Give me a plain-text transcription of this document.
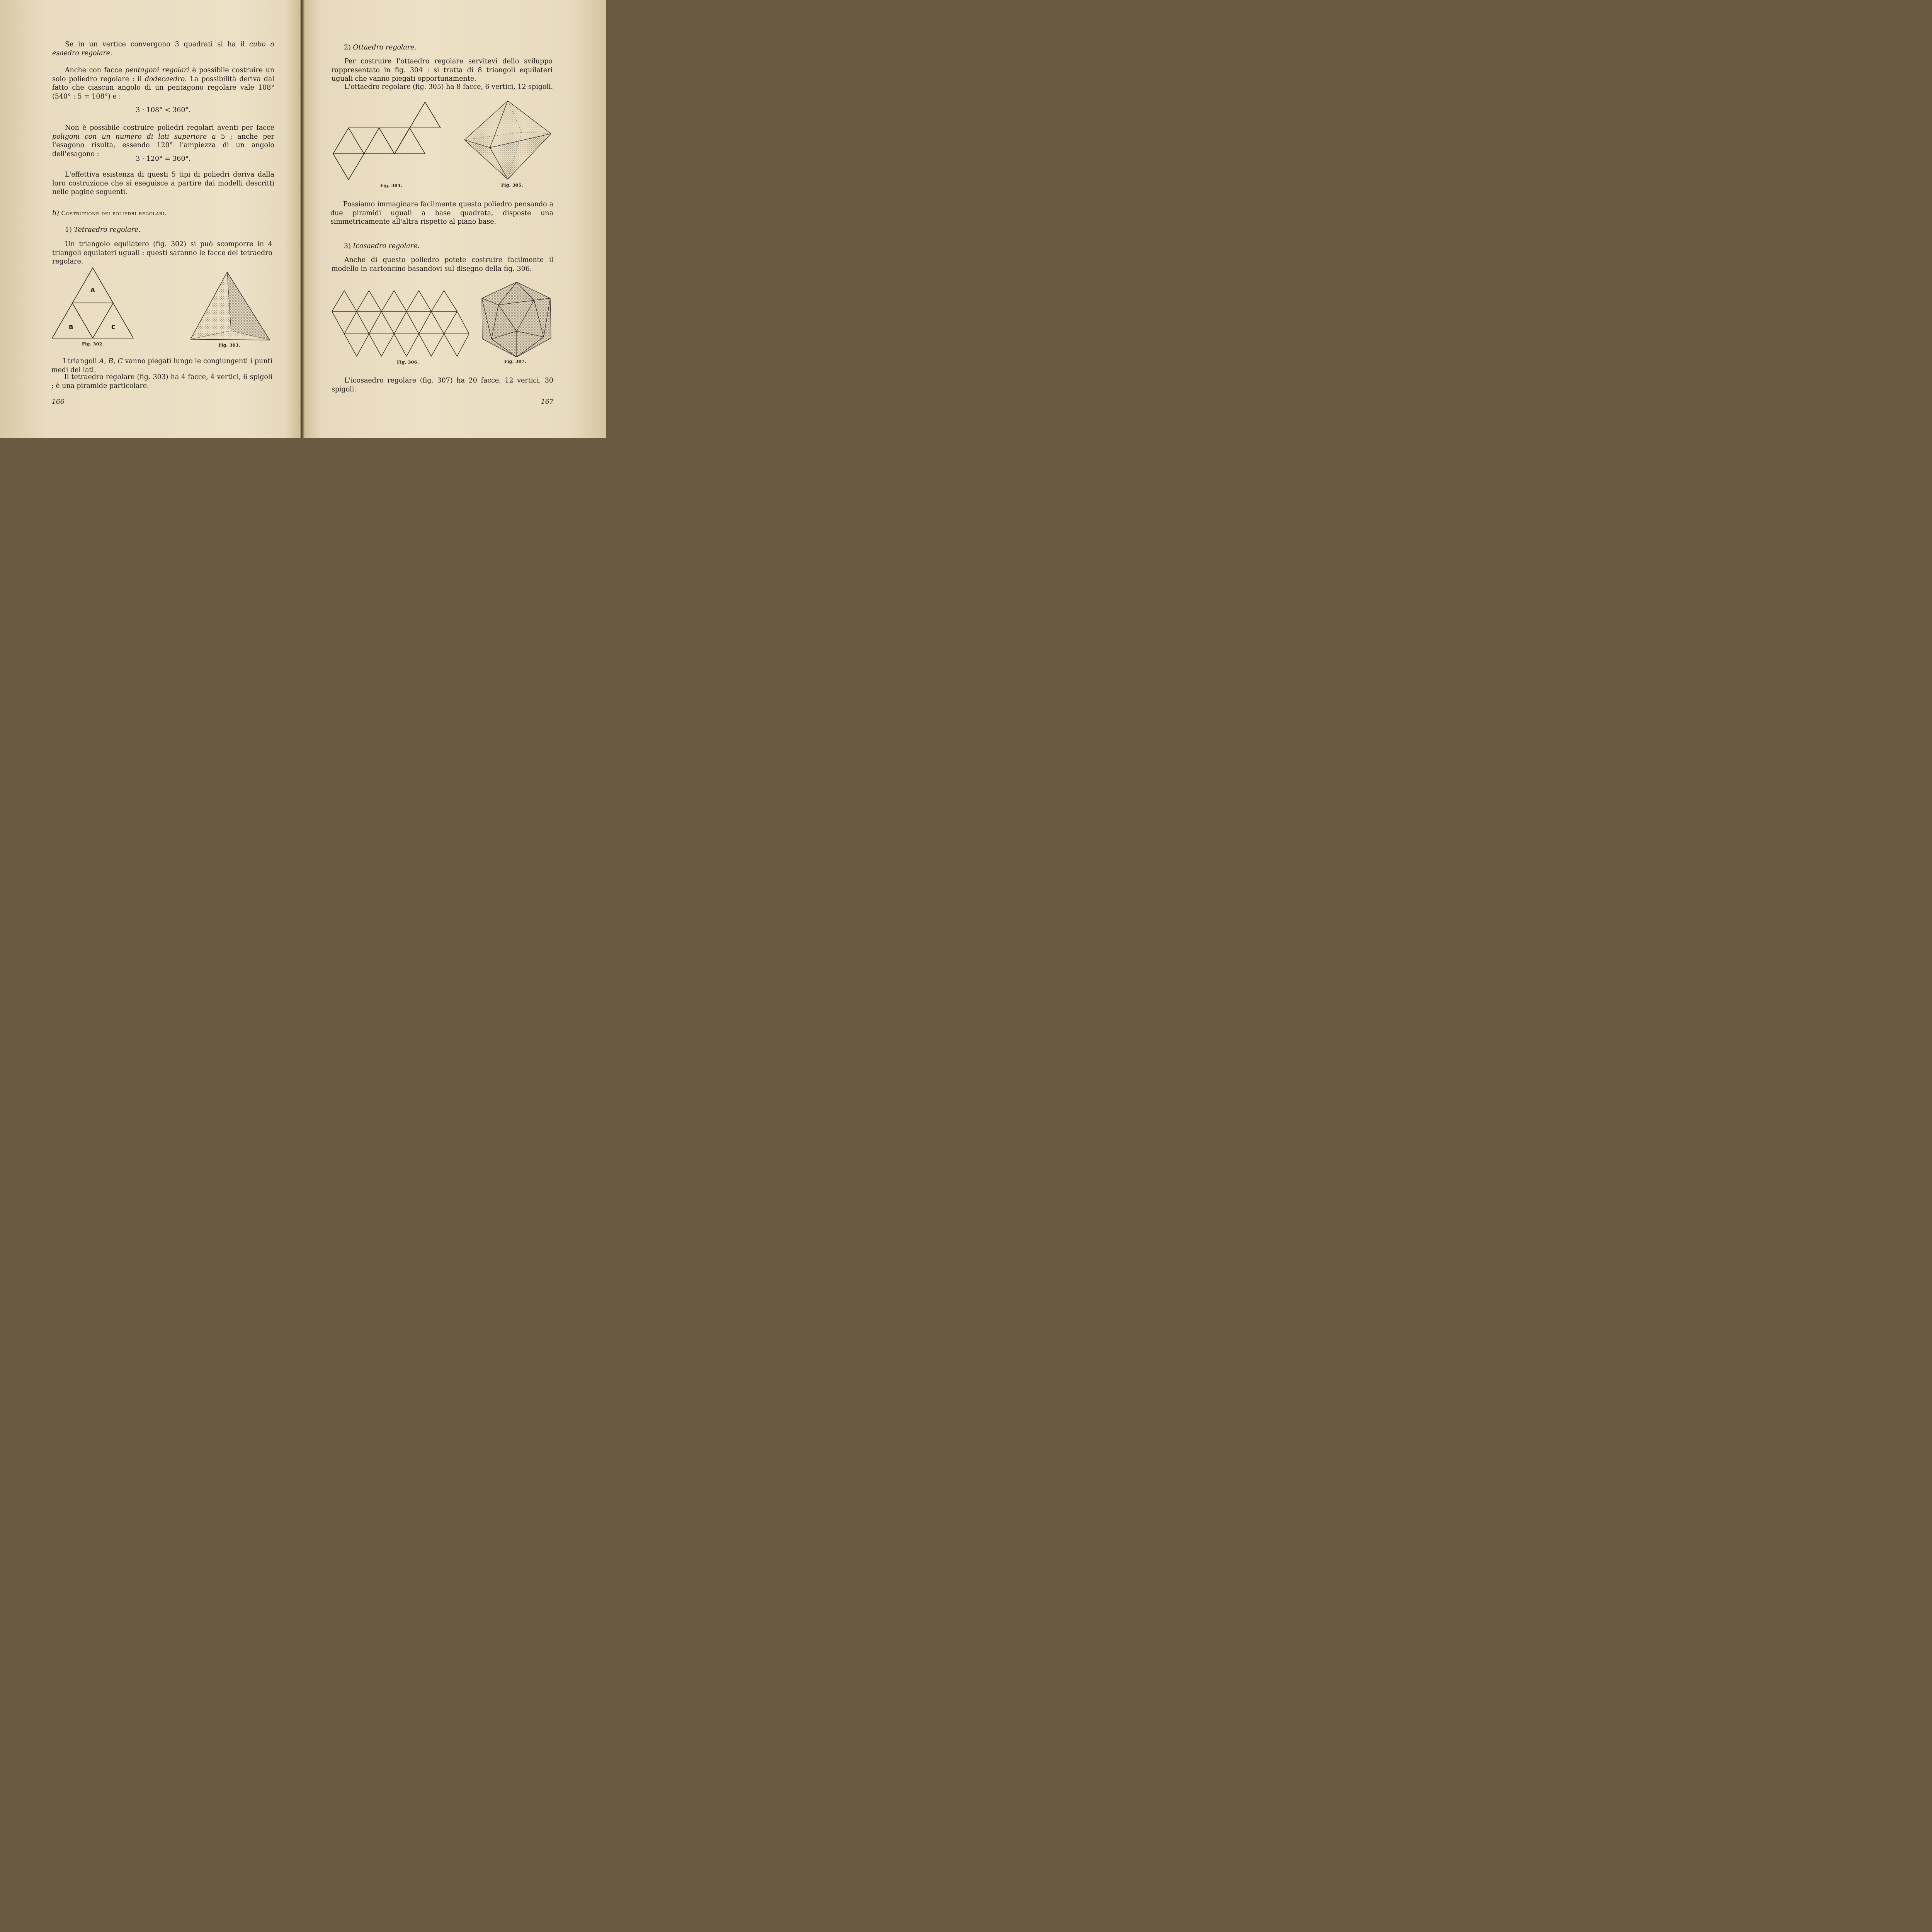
Se in un vertice convergono 3 quadrati si ha il cubo o esaedro regolare.

Anche con facce pentagoni regolari è possibile costruire un solo poliedro regolare : il dodecaedro. La possibilità deriva dal fatto che ciascun angolo di un pentagono regolare vale 108° (540° : 5 = 108°) e :

3 · 108° < 360°.

Non è possibile costruire poliedri regolari aventi per facce poligoni con un numero di lati superiore a 5 ; anche per l'esagono risulta, essendo 120° l'ampiezza di un angolo dell'esagono :

3 · 120° = 360°.

L'effettiva esistenza di questi 5 tipi di poliedri deriva dalla loro costruzione che si eseguisce a partire dai modelli descritti nelle pagine seguenti.

b) Costruzione dei poliedri regolari.

1) Tetraedro regolare.

Un triangolo equilatero (fig. 302) si può scomporre in 4 triangoli equilateri uguali : questi saranno le facce del tetraedro regolare.

A
B	C
Fig. 302.	Fig. 303.

I triangoli A, B, C vanno piegati lungo le congiungenti i punti medi dei lati.

Il tetraedro regolare (fig. 303) ha 4 facce, 4 vertici, 6 spigoli ; è una piramide particolare.

166

2) Ottaedro regolare.

Per costruire l'ottaedro regolare servitevi dello sviluppo rappresentato in fig. 304 : si tratta di 8 triangoli equilateri uguali che vanno piegati opportunamente.

L'ottaedro regolare (fig. 305) ha 8 facce, 6 vertici, 12 spigoli.

Fig. 304.	Fig. 305.

Possiamo immaginare facilmente questo poliedro pensando a due piramidi uguali a base quadrata, disposte una simmetricamente all'altra rispetto al piano base.

3) Icosaedro regolare.

Anche di questo poliedro potete costruire facilmente il modello in cartoncino basandovi sul disegno della fig. 306.

Fig. 306.	Fig. 307.

L'icosaedro regolare (fig. 307) ha 20 facce, 12 vertici, 30 spigoli.

167
